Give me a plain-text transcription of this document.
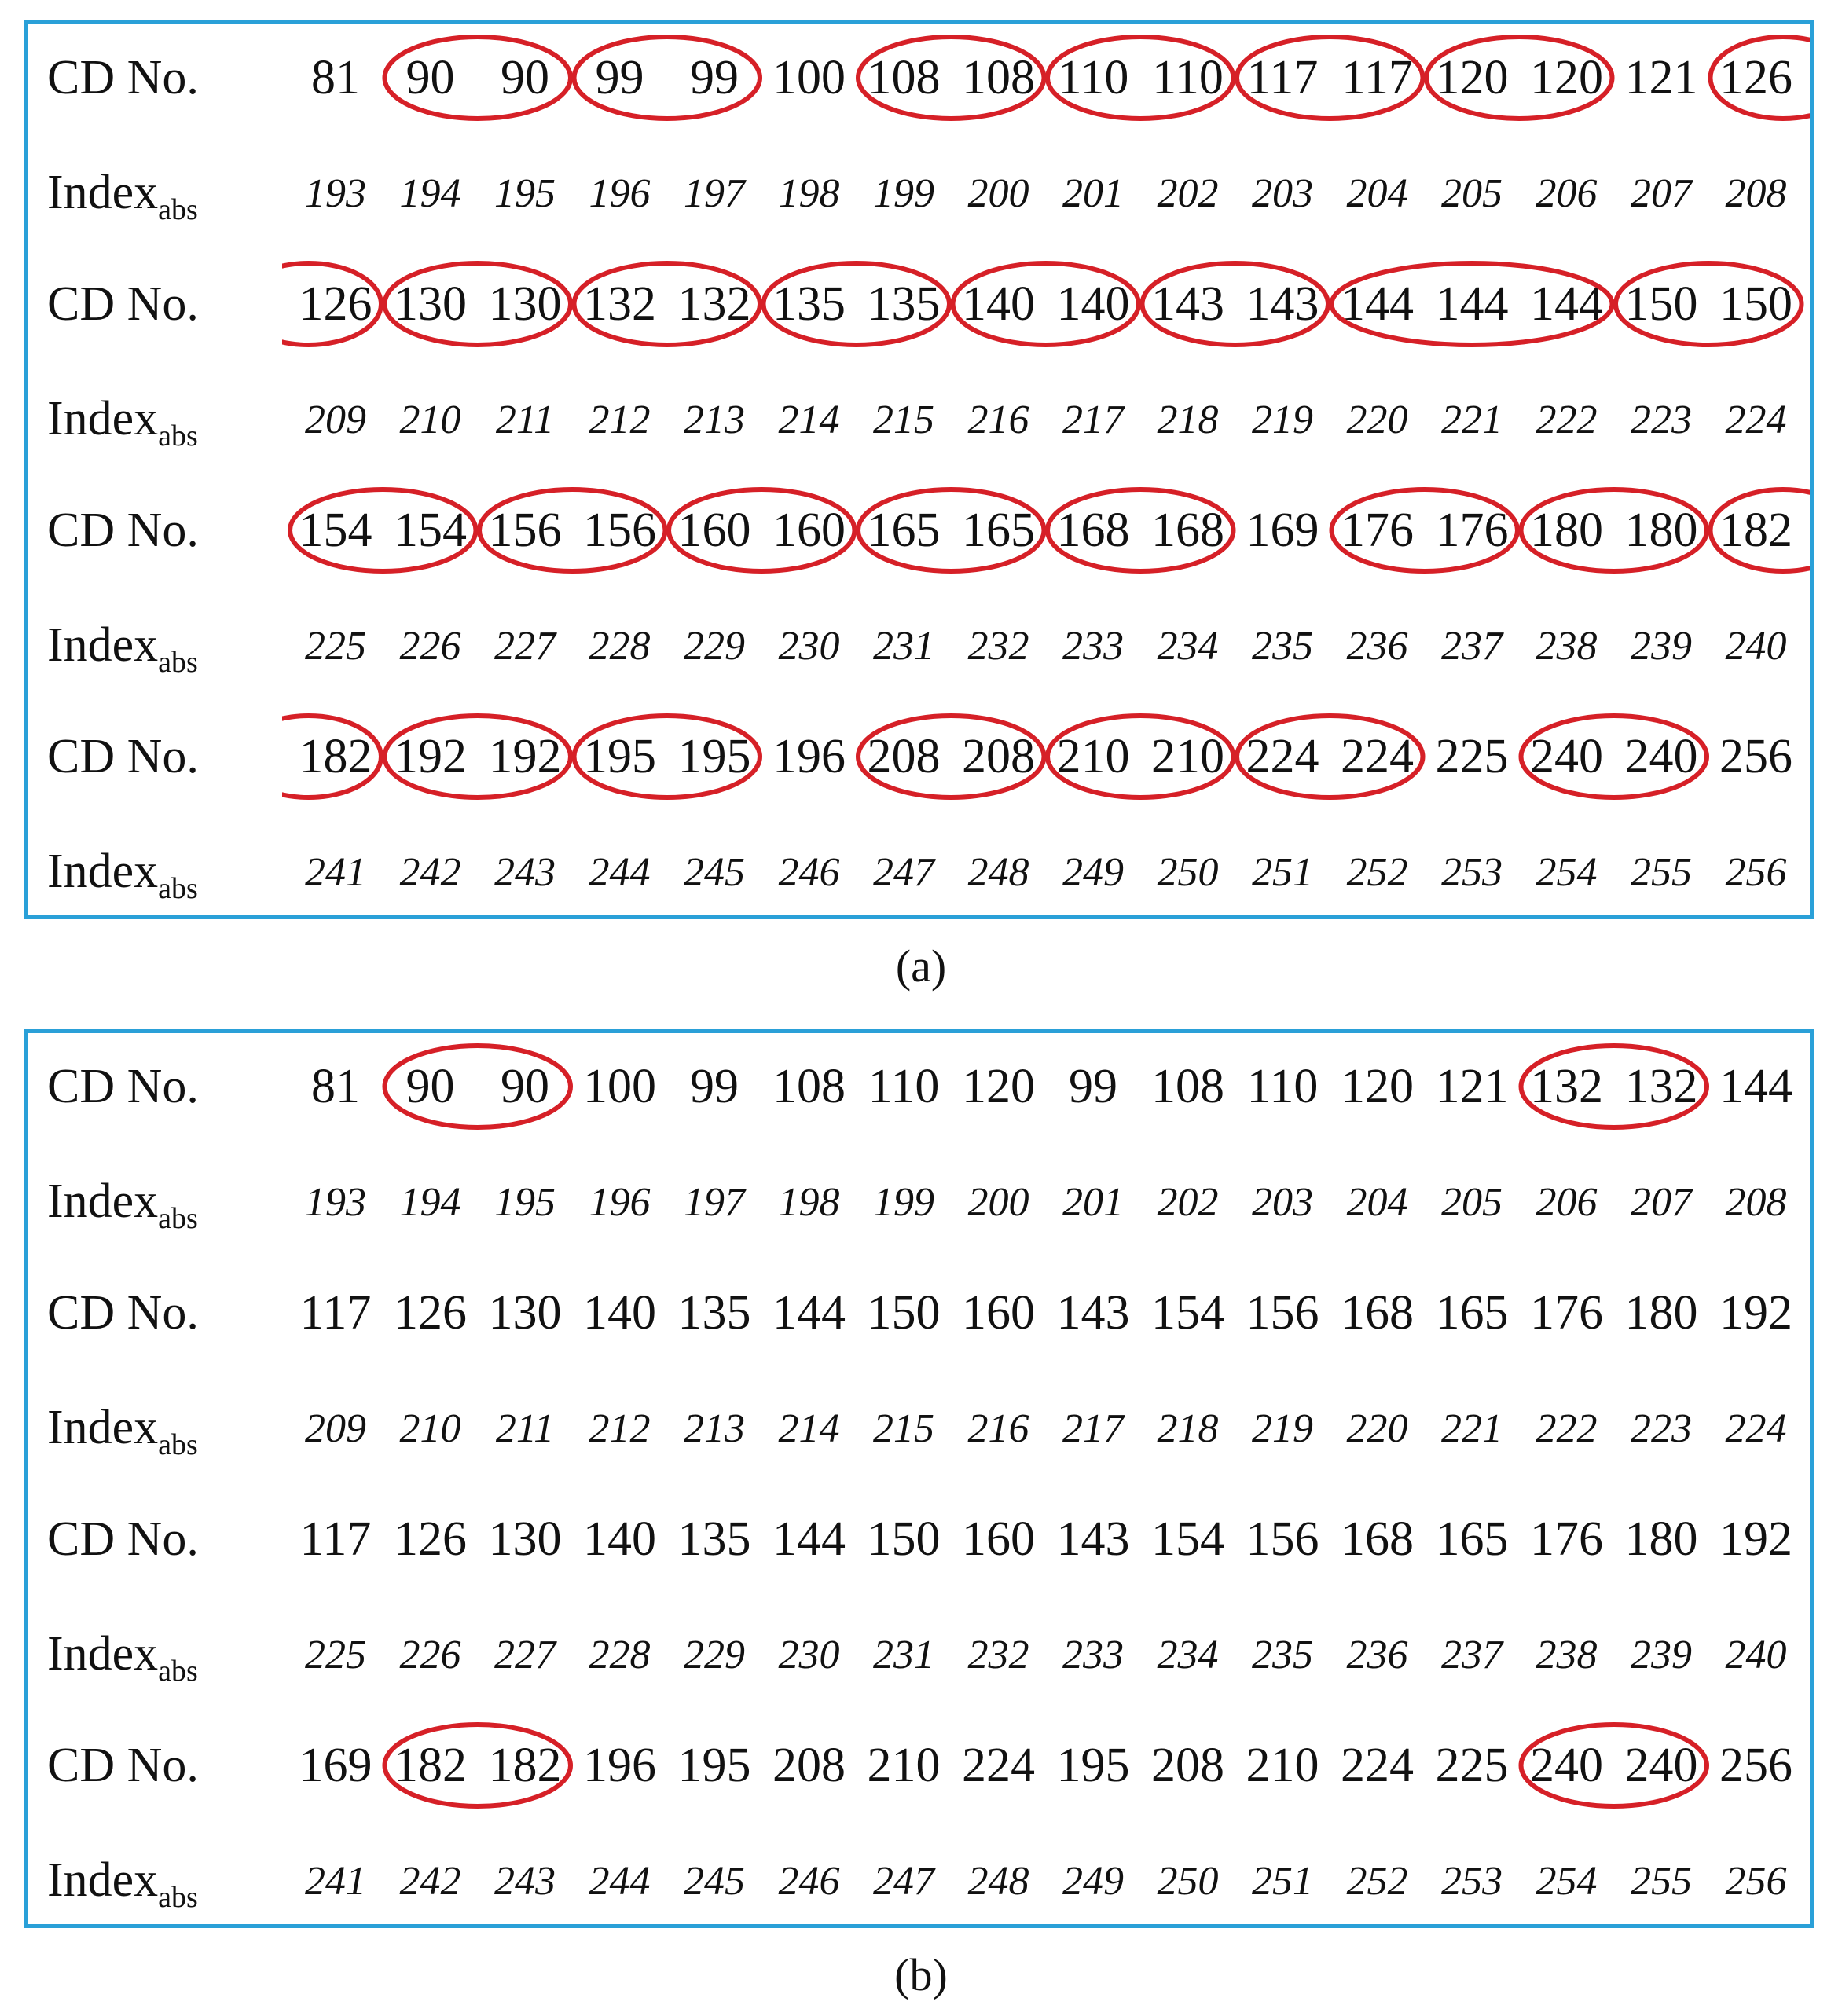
CD No.
Index$_{abs}$
81 90 90 99 99 100 108 108 110 110 117 117 120 120 121 126
193 194 195 196 197 198 199 200 201 202 203 204 205 206 207 208
CD No.
Index$_{abs}$
126 130 130 132 132 135 135 140 140 143 143 144 144 144 150 150
209 210 211 212 213 214 215 216 217 218 219 220 221 222 223 224
CD No.
Index$_{abs}$
154 154 156 156 160 160 165 165 168 168 169 176 176 180 180 182
225 226 227 228 229 230 231 232 233 234 235 236 237 238 239 240
CD No.
Index$_{abs}$
182 192 192 195 195 196 208 208 210 210 224 224 225 240 240 256
241 242 243 244 245 246 247 248 249 250 251 252 253 254 255 256
(a)
CD No.
Index$_{abs}$
81 90 90 100 99 108 110 120 99 108 110 120 121 132 132 144
193 194 195 196 197 198 199 200 201 202 203 204 205 206 207 208
CD No.
Index$_{abs}$
117 126 130 140 135 144 150 160 143 154 156 168 165 176 180 192
209 210 211 212 213 214 215 216 217 218 219 220 221 222 223 224
CD No.
Index$_{abs}$
117 126 130 140 135 144 150 160 143 154 156 168 165 176 180 192
225 226 227 228 229 230 231 232 233 234 235 236 237 238 239 240
CD No.
Index$_{abs}$
169 182 182 196 195 208 210 224 195 208 210 224 225 240 240 256
241 242 243 244 245 246 247 248 249 250 251 252 253 254 255 256
(b)
